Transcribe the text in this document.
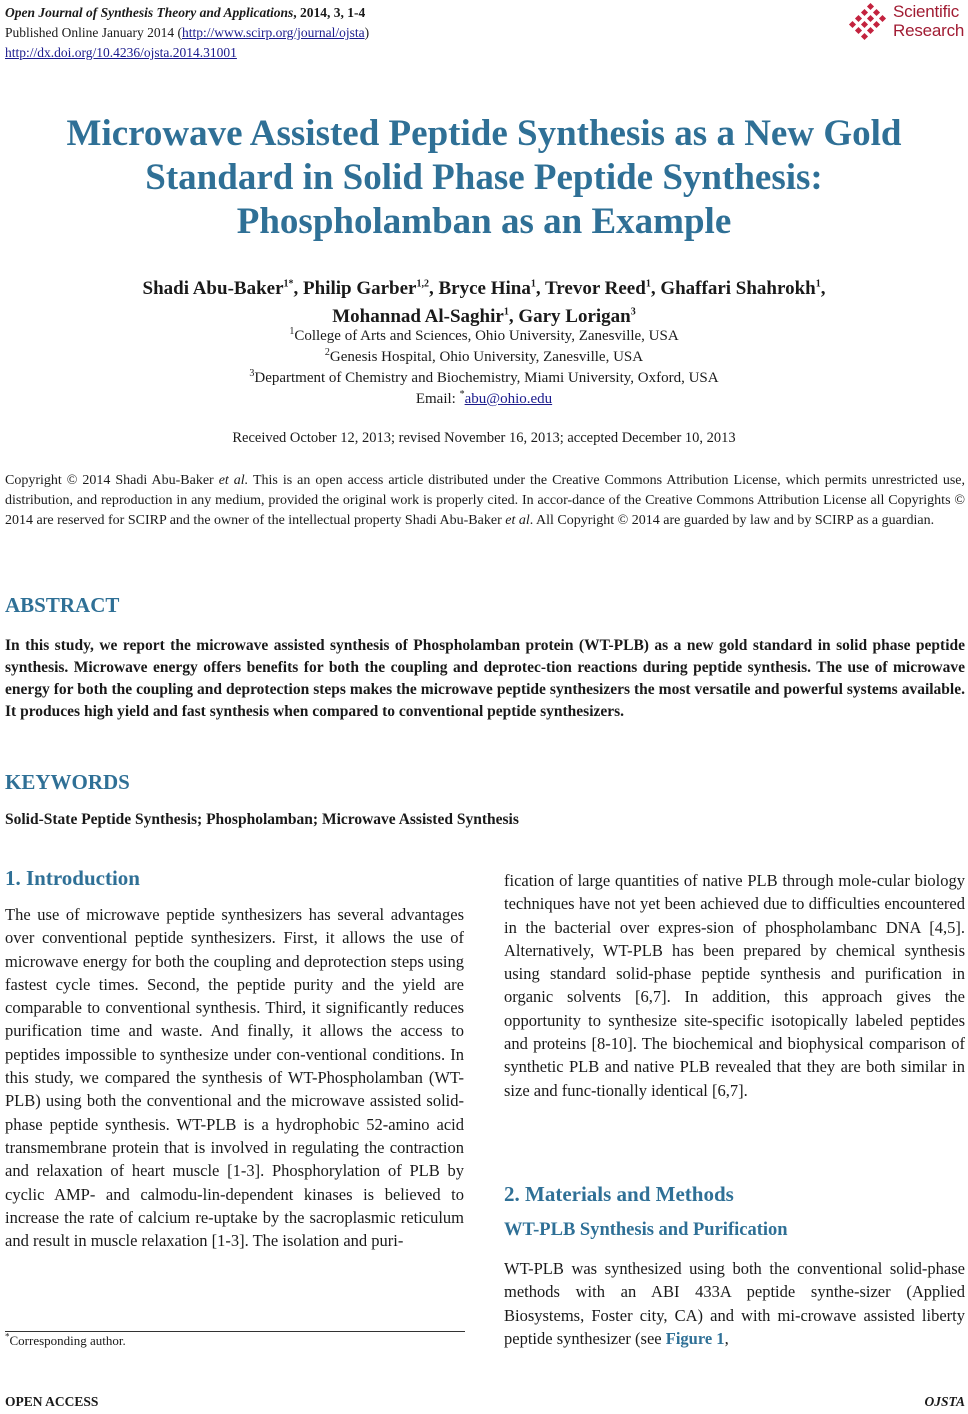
Open Journal of Synthesis Theory and Applications, 2014, 3, 1-4
Published Online January 2014 (http://www.scirp.org/journal/ojsta)
http://dx.doi.org/10.4236/ojsta.2014.31001
Scientific
Research
Microwave Assisted Peptide Synthesis as a New Gold
Standard in Solid Phase Peptide Synthesis:
Phospholamban as an Example
Shadi Abu-Baker$^{1*}$, Philip Garber$^{1,2}$, Bryce Hina$^1$, Trevor Reed$^1$, Ghaffari Shahrokh$^1$,
Mohannad Al-Saghir$^1$, Gary Lorigan$^3$
$^1$College of Arts and Sciences, Ohio University, Zanesville, USA
$^2$Genesis Hospital, Ohio University, Zanesville, USA
$^3$Department of Chemistry and Biochemistry, Miami University, Oxford, USA
Email: *abu@ohio.edu
Received October 12, 2013; revised November 16, 2013; accepted December 10, 2013
Copyright © 2014 Shadi Abu-Baker et al. This is an open access article distributed under the Creative Commons Attribution License, which permits unrestricted use, distribution, and reproduction in any medium, provided the original work is properly cited. In accor-dance of the Creative Commons Attribution License all Copyrights © 2014 are reserved for SCIRP and the owner of the intellectual property Shadi Abu-Baker et al. All Copyright © 2014 are guarded by law and by SCIRP as a guardian.
ABSTRACT
In this study, we report the microwave assisted synthesis of Phospholamban protein (WT-PLB) as a new gold standard in solid phase peptide synthesis. Microwave energy offers benefits for both the coupling and deprotec-tion reactions during peptide synthesis. The use of microwave energy for both the coupling and deprotection steps makes the microwave peptide synthesizers the most versatile and powerful systems available. It produces high yield and fast synthesis when compared to conventional peptide synthesizers.
KEYWORDS
Solid-State Peptide Synthesis; Phospholamban; Microwave Assisted Synthesis
1. Introduction
The use of microwave peptide synthesizers has several advantages over conventional peptide synthesizers. First, it allows the use of microwave energy for both the coupling and deprotection steps using fastest cycle times. Second, the peptide purity and the yield are comparable to conventional synthesis. Third, it significantly reduces purification time and waste. And finally, it allows the access to peptides impossible to synthesize under con-ventional conditions. In this study, we compared the synthesis of WT-Phospholamban (WT-PLB) using both the conventional and the microwave assisted solid-phase peptide synthesis. WT-PLB is a hydrophobic 52-amino acid transmembrane protein that is involved in regulating the contraction and relaxation of heart muscle [1-3]. Phosphorylation of PLB by cyclic AMP- and calmodu-lin-dependent kinases is believed to increase the rate of calcium re-uptake by the sacroplasmic reticulum and result in muscle relaxation [1-3]. The isolation and puri-
fication of large quantities of native PLB through mole-cular biology techniques have not yet been achieved due to difficulties encountered in the bacterial over expres-sion of phospholambanc DNA [4,5]. Alternatively, WT-PLB has been prepared by chemical synthesis using standard solid-phase peptide synthesis and purification in organic solvents [6,7]. In addition, this approach gives the opportunity to synthesize site-specific isotopically labeled peptides and proteins [8-10]. The biochemical and biophysical comparison of synthetic PLB and native PLB revealed that they are both similar in size and func-tionally identical [6,7].
2. Materials and Methods
WT-PLB Synthesis and Purification
WT-PLB was synthesized using both the conventional solid-phase methods with an ABI 433A peptide synthe-sizer (Applied Biosystems, Foster city, CA) and with mi-crowave assisted liberty peptide synthesizer (see Figure 1,
*Corresponding author.
OPEN ACCESS	OJSTA
